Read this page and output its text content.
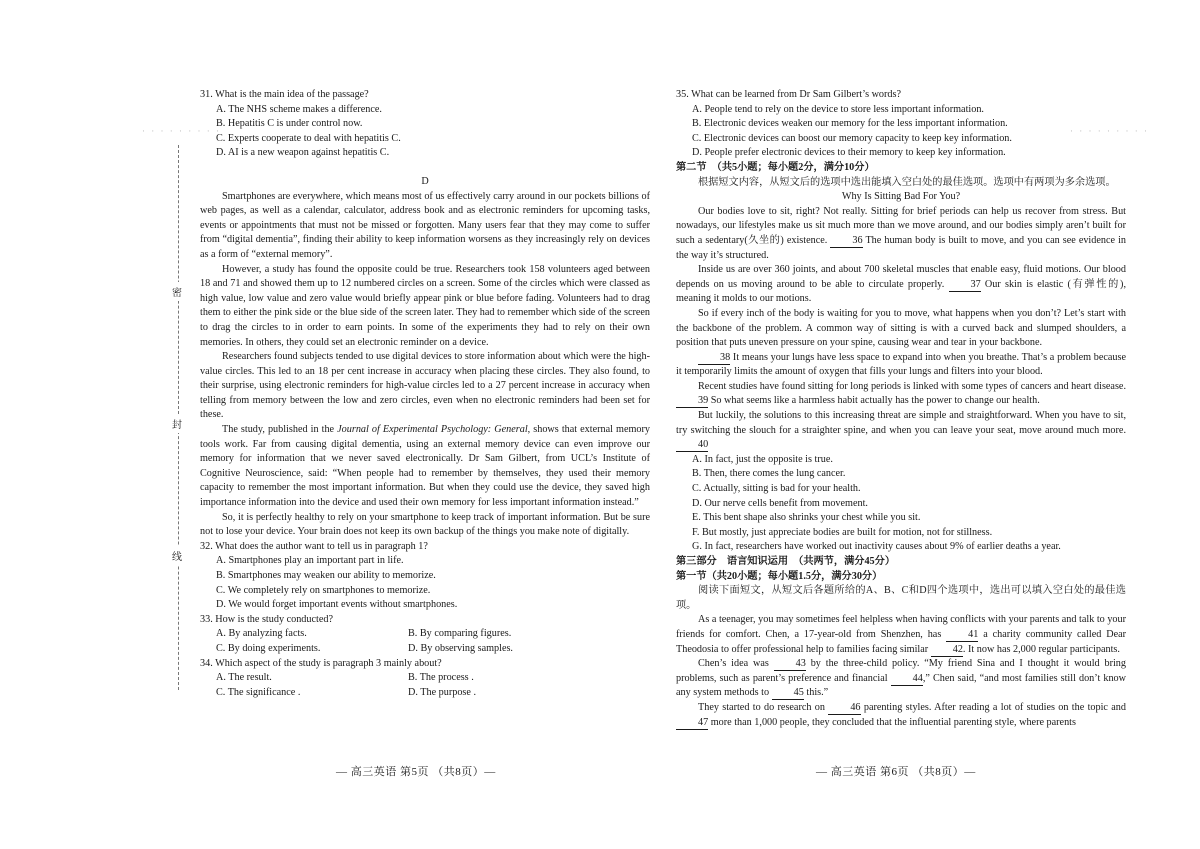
· · · · · · · · ·
密
封
线

31. What is the main idea of the passage?

A. The NHS scheme makes a difference.

B. Hepatitis C is under control now.

C. Experts cooperate to deal with hepatitis C.

D. AI is a new weapon against hepatitis C.

D

Smartphones are everywhere, which means most of us effectively carry around in our pockets billions of web pages, as well as a calendar, calculator, address book and as electronic reminders for upcoming tasks, events or appointments that must not be missed or forgotten. Many users fear that they may come to suffer from “digital dementia”, finding their ability to keep information worsens as they increasingly rely on devices as a form of “external memory”.

However, a study has found the opposite could be true. Researchers took 158 volunteers aged between 18 and 71 and showed them up to 12 numbered circles on a screen. Some of the circles which were classed as high value, low value and zero value would briefly appear pink or blue before fading. Volunteers had to drag them to either the pink side or the blue side of the screen later. They had to remember which side of the screen to drag the circles to in order to earn points. In some of the experiments they had to rely on their own memories. In others, they could set an electronic reminder on a device.

Researchers found subjects tended to use digital devices to store information about which were the high-value circles. This led to an 18 per cent increase in accuracy when placing these circles. They also found, to their surprise, using electronic reminders for high-value circles led to a 27 percent increase in accuracy when telling from memory between the low and zero circles, even when no electronic reminders had been set for these.

The study, published in the Journal of Experimental Psychology: General, shows that external memory tools work. Far from causing digital dementia, using an external memory device can even improve our memory for information that we never saved electronically. Dr Sam Gilbert, from UCL’s Institute of Cognitive Neuroscience, said: “When people had to remember by themselves, they used their memory capacity to remember the most important information. But when they could use the device, they saved high importance information into the device and used their own memory for less important information instead.”

So, it is perfectly healthy to rely on your smartphone to keep track of important information. But be sure not to lose your device. Your brain does not keep its own backup of the things you make note of digitally.

32. What does the author want to tell us in paragraph 1?

A. Smartphones play an important part in life.

B. Smartphones may weaken our ability to memorize.

C. We completely rely on smartphones to memorize.

D. We would forget important events without smartphones.

33. How is the study conducted?

A. By analyzing facts.	B. By comparing figures.
C. By doing experiments.	D. By observing samples.

34. Which aspect of the study is paragraph 3 mainly about?

A. The result.	B. The process .
C. The significance .	D. The purpose .
— 高三英语 第5页 （共8页）—
· · · · · · · · ·

35. What can be learned from Dr Sam Gilbert’s words?

A. People tend to rely on the device to store less important information.

B. Electronic devices weaken our memory for the less important information.

C. Electronic devices can boost our memory capacity to keep key information.

D. People prefer electronic devices to their memory to keep key information.

第二节　（共5小题；每小题2分，满分10分）

根据短文内容，从短文后的选项中选出能填入空白处的最佳选项。选项中有两项为多余选项。

Why Is Sitting Bad For You?

Our bodies love to sit, right? Not really. Sitting for brief periods can help us recover from stress. But nowadays, our lifestyles make us sit much more than we move around, and our bodies simply aren’t built for such a sedentary(久坐的) existence. 36 The human body is built to move, and you can see evidence in the way it’s structured.

Inside us are over 360 joints, and about 700 skeletal muscles that enable easy, fluid motions. Our blood depends on us moving around to be able to circulate properly. 37 Our skin is elastic (有弹性的), meaning it molds to our motions.

So if every inch of the body is waiting for you to move, what happens when you don’t? Let’s start with the backbone of the problem. A common way of sitting is with a curved back and slumped shoulders, a position that puts uneven pressure on your spine, causing wear and tear in your backbone.

38 It means your lungs have less space to expand into when you breathe. That’s a problem because it temporarily limits the amount of oxygen that fills your lungs and filters into your blood.

Recent studies have found sitting for long periods is linked with some types of cancers and heart disease. 39 So what seems like a harmless habit actually has the power to change our health.

But luckily, the solutions to this increasing threat are simple and straightforward. When you have to sit, try switching the slouch for a straighter spine, and when you can leave your seat, move around much more. 40

A. In fact, just the opposite is true.

B. Then, there comes the lung cancer.

C. Actually, sitting is bad for your health.

D. Our nerve cells benefit from movement.

E. This bent shape also shrinks your chest while you sit.

F. But mostly, just appreciate bodies are built for motion, not for stillness.

G. In fact, researchers have worked out inactivity causes about 9% of earlier deaths a year.

第三部分　语言知识运用　（共两节，满分45分）

第一节（共20小题；每小题1.5分，满分30分）

阅读下面短文，从短文后各题所给的A、B、C和D四个选项中，选出可以填入空白处的最佳选项。

As a teenager, you may sometimes feel helpless when having conflicts with your parents and talk to your friends for comfort. Chen, a 17-year-old from Shenzhen, has 41 a charity community called Dear Theodosia to offer professional help to families facing similar 42. It now has 2,000 regular participants.

Chen’s idea was 43 by the three-child policy. “My friend Sina and I thought it would bring problems, such as parent’s preference and financial 44,” Chen said, “and most families still don’t know any system methods to 45 this.”

They started to do research on 46 parenting styles. After reading a lot of studies on the topic and 47 more than 1,000 people, they concluded that the influential parenting style, where parents

— 高三英语 第6页 （共8页）—
